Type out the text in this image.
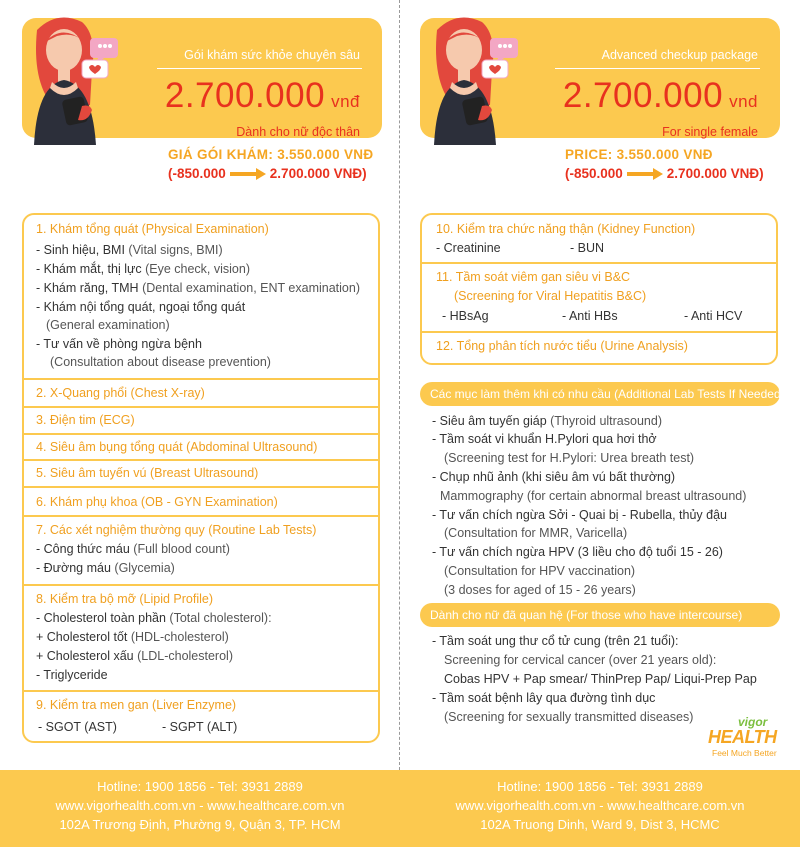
Gói khám sức khỏe chuyên sâu
2.700.000 vnđ
Dành cho nữ độc thân
GIÁ GÓI KHÁM: 3.550.000 VNĐ
(-850.000	2.700.000 VNĐ)
1. Khám tổng quát (Physical Examination)
- Sinh hiệu, BMI (Vital signs, BMI)
- Khám mắt, thị lực (Eye check, vision)
- Khám răng, TMH (Dental examination, ENT examination)
- Khám nội tổng quát, ngoại tổng quát
(General examination)
- Tư vấn về phòng ngừa bệnh
(Consultation about disease prevention)
2. X-Quang phổi (Chest X-ray)
3. Điện tim (ECG)
4. Siêu âm bụng tổng quát (Abdominal Ultrasound)
5. Siêu âm tuyến vú (Breast Ultrasound)
6. Khám phụ khoa (OB - GYN Examination)
7. Các xét nghiệm thường quy (Routine Lab Tests)
- Công thức máu (Full blood count)
- Đường máu (Glycemia)
8. Kiểm tra bộ mỡ (Lipid Profile)
- Cholesterol toàn phần (Total cholesterol):
+ Cholesterol tốt (HDL-cholesterol)
+ Cholesterol xấu (LDL-cholesterol)
- Triglyceride
9. Kiểm tra men gan (Liver Enzyme)
- SGOT (AST)	- SGPT (ALT)
Advanced checkup package
2.700.000 vnd
For single female
PRICE: 3.550.000 VNĐ
(-850.000	2.700.000 VNĐ)
10. Kiểm tra chức năng thận (Kidney Function)
- Creatinine	- BUN
11. Tầm soát viêm gan siêu vi B&C
(Screening for Viral Hepatitis B&C)
- HBsAg	- Anti HBs	- Anti HCV
12. Tổng phân tích nước tiểu (Urine Analysis)
Các mục làm thêm khi có nhu cầu (Additional Lab Tests If Needed)
- Siêu âm tuyến giáp (Thyroid ultrasound)
- Tầm soát vi khuẩn H.Pylori qua hơi thở
(Screening test for H.Pylori: Urea breath test)
- Chụp nhũ ảnh (khi siêu âm vú bất thường)
Mammography (for certain abnormal breast ultrasound)
- Tư vấn chích ngừa Sởi - Quai bị - Rubella, thủy đậu
(Consultation for MMR, Varicella)
- Tư vấn chích ngừa HPV (3 liều cho độ tuổi 15 - 26)
(Consultation for HPV vaccination)
(3 doses for aged of 15 - 26 years)
Dành cho nữ đã quan hệ (For those who have intercourse)
- Tầm soát ung thư cổ tử cung (trên 21 tuổi):
Screening for cervical cancer (over 21 years old):
Cobas HPV + Pap smear/ ThinPrep Pap/ Liqui-Prep Pap
- Tầm soát bệnh lây qua đường tình dục
(Screening for sexually transmitted diseases)	vigor
HEALTH
Feel Much Better
Hotline: 1900 1856 - Tel: 3931 2889
www.vigorhealth.com.vn - www.healthcare.com.vn
102A Trương Định, Phường 9, Quận 3, TP. HCM
Hotline: 1900 1856 - Tel: 3931 2889
www.vigorhealth.com.vn - www.healthcare.com.vn
102A Truong Dinh, Ward 9, Dist 3, HCMC
